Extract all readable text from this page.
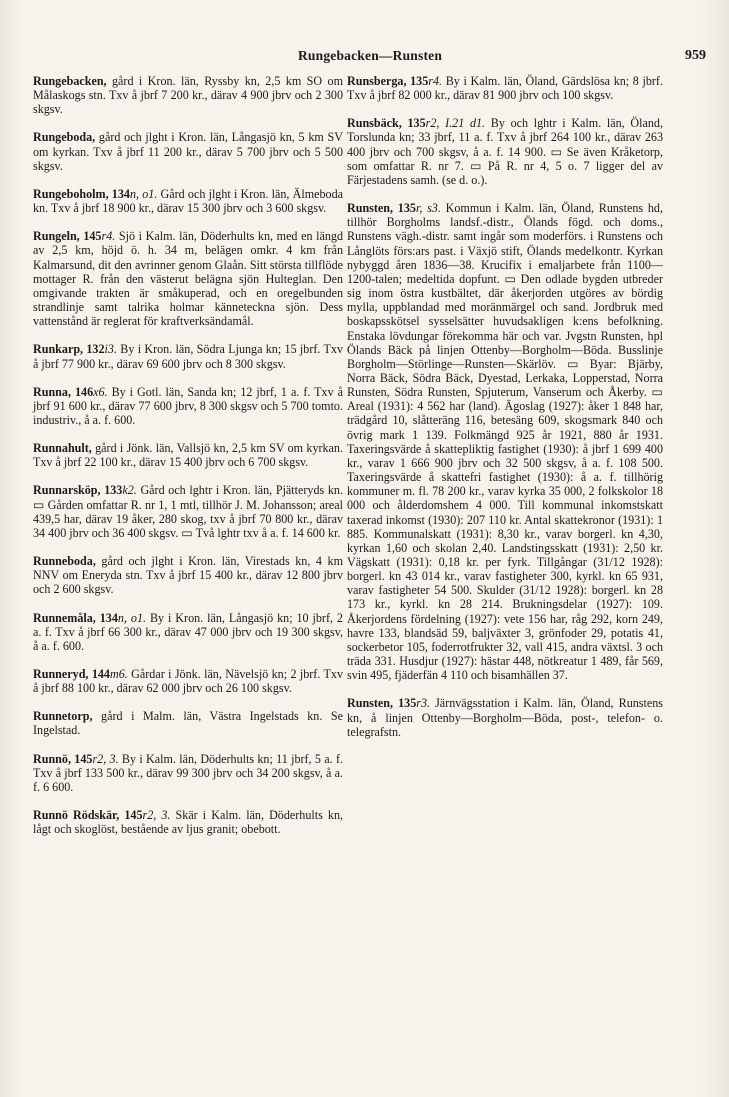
Rungebacken—Runsten	959

Rungebacken, gård i Kron. län, Ryssby kn, 2,5 km SO om Målaskogs stn. Txv å jbrf 7 200 kr., därav 4 900 jbrv och 2 300 skgsv.

Rungeboda, gård och jlght i Kron. län, Långasjö kn, 5 km SV om kyrkan. Txv å jbrf 11 200 kr., därav 5 700 jbrv och 5 500 skgsv.

Rungeboholm, 134n, o1. Gård och jlght i Kron. län, Älmeboda kn. Txv å jbrf 18 900 kr., därav 15 300 jbrv och 3 600 skgsv.

Rungeln, 145r4. Sjö i Kalm. län, Döderhults kn, med en längd av 2,5 km, höjd ö. h. 34 m, belägen omkr. 4 km från Kalmarsund, dit den avrinner genom Glaån. Sitt största tillflöde mottager R. från den västerut belägna sjön Hulteglan. Den omgivande trakten är småkuperad, och en oregelbunden strandlinje samt talrika holmar känneteckna sjön. Dess vattenstånd är reglerat för kraftverksändamål.

Runkarp, 132i3. By i Kron. län, Södra Ljunga kn; 15 jbrf. Txv å jbrf 77 900 kr., därav 69 600 jbrv och 8 300 skgsv.

Runna, 146x6. By i Gotl. län, Sanda kn; 12 jbrf, 1 a. f. Txv å jbrf 91 600 kr., därav 77 600 jbrv, 8 300 skgsv och 5 700 tomto. industriv., å a. f. 600.

Runnahult, gård i Jönk. län, Vallsjö kn, 2,5 km SV om kyrkan. Txv å jbrf 22 100 kr., därav 15 400 jbrv och 6 700 skgsv.

Runnarsköp, 133k2. Gård och lghtr i Kron. län, Pjätteryds kn. ▭ Gården omfattar R. nr 1, 1 mtl, tillhör J. M. Johansson; areal 439,5 har, därav 19 åker, 280 skog, txv å jbrf 70 800 kr., därav 34 400 jbrv och 36 400 skgsv. ▭ Två lghtr txv å a. f. 14 600 kr.

Runneboda, gård och jlght i Kron. län, Virestads kn, 4 km NNV om Eneryda stn. Txv å jbrf 15 400 kr., därav 12 800 jbrv och 2 600 skgsv.

Runnemåla, 134n, o1. By i Kron. län, Långasjö kn; 10 jbrf, 2 a. f. Txv å jbrf 66 300 kr., därav 47 000 jbrv och 19 300 skgsv, å a. f. 600.

Runneryd, 144m6. Gårdar i Jönk. län, Nävelsjö kn; 2 jbrf. Txv å jbrf 88 100 kr., därav 62 000 jbrv och 26 100 skgsv.

Runnetorp, gård i Malm. län, Västra Ingelstads kn. Se Ingelstad.

Runnö, 145r2, 3. By i Kalm. län, Döderhults kn; 11 jbrf, 5 a. f. Txv å jbrf 133 500 kr., därav 99 300 jbrv och 34 200 skgsv, å a. f. 6 600.

Runnö Rödskär, 145r2, 3. Skär i Kalm. län, Döderhults kn, lågt och skoglöst, bestående av ljus granit; obebott.

Runsberga, 135r4. By i Kalm. län, Öland, Gärdslösa kn; 8 jbrf. Txv å jbrf 82 000 kr., därav 81 900 jbrv och 100 skgsv.

Runsbäck, 135r2, I.21 d1. By och lghtr i Kalm. län, Öland, Torslunda kn; 33 jbrf, 11 a. f. Txv å jbrf 264 100 kr., därav 263 400 jbrv och 700 skgsv, å a. f. 14 900. ▭ Se även Kråketorp, som omfattar R. nr 7. ▭ På R. nr 4, 5 o. 7 ligger del av Färjestadens samh. (se d. o.).

Runsten, 135r, s3. Kommun i Kalm. län, Öland, Runstens hd, tillhör Borgholms landsf.-distr., Ölands fögd. och doms., Runstens vägh.-distr. samt ingår som moderförs. i Runstens och Långlöts förs:ars past. i Växjö stift, Ölands medelkontr. Kyrkan nybyggd åren 1836—38. Krucifix i emaljarbete från 1100—1200-talen; medeltida dopfunt. ▭ Den odlade bygden utbreder sig inom östra kustbältet, där åkerjorden utgöres av bördig mylla, uppblandad med moränmärgel och sand. Jordbruk med boskapsskötsel sysselsätter huvudsakligen k:ens befolkning. Enstaka lövdungar förekomma här och var. Jvgstn Runsten, hpl Ölands Bäck på linjen Ottenby—Borgholm—Böda. Busslinje Borgholm—Störlinge—Runsten—Skärlöv. ▭ Byar: Bjärby, Norra Bäck, Södra Bäck, Dyestad, Lerkaka, Lopperstad, Norra Runsten, Södra Runsten, Spjuterum, Vanserum och Åkerby. ▭ Areal (1931): 4 562 har (land). Ägoslag (1927): åker 1 848 har, trädgård 10, slåtteräng 116, betesäng 609, skogsmark 840 och övrig mark 1 139. Folkmängd 925 år 1921, 880 år 1931. Taxeringsvärde å skattepliktig fastighet (1930): å jbrf 1 699 400 kr., varav 1 666 900 jbrv och 32 500 skgsv, å a. f. 108 500. Taxeringsvärde å skattefri fastighet (1930): å a. f. tillhörig kommuner m. fl. 78 200 kr., varav kyrka 35 000, 2 folkskolor 18 000 och ålderdomshem 4 000. Till kommunal inkomstskatt taxerad inkomst (1930): 207 110 kr. Antal skattekronor (1931): 1 885. Kommunalskatt (1931): 8,30 kr., varav borgerl. kn 4,30, kyrkan 1,60 och skolan 2,40. Landstingsskatt (1931): 2,50 kr. Vägskatt (1931): 0,18 kr. per fyrk. Tillgångar (31/12 1928): borgerl. kn 43 014 kr., varav fastigheter 300, kyrkl. kn 65 931, varav fastigheter 54 500. Skulder (31/12 1928): borgerl. kn 28 173 kr., kyrkl. kn 28 214. Brukningsdelar (1927): 109. Åkerjordens fördelning (1927): vete 156 har, råg 292, korn 249, havre 133, blandsäd 59, baljväxter 3, grönfoder 29, potatis 41, sockerbetor 105, foderrotfrukter 32, vall 415, andra växtsl. 3 och träda 331. Husdjur (1927): hästar 448, nötkreatur 1 489, får 569, svin 495, fjäderfän 4 110 och bisamhällen 37.

Runsten, 135r3. Järnvägsstation i Kalm. län, Öland, Runstens kn, å linjen Ottenby—Borgholm—Böda, post-, telefon- o. telegrafstn.
